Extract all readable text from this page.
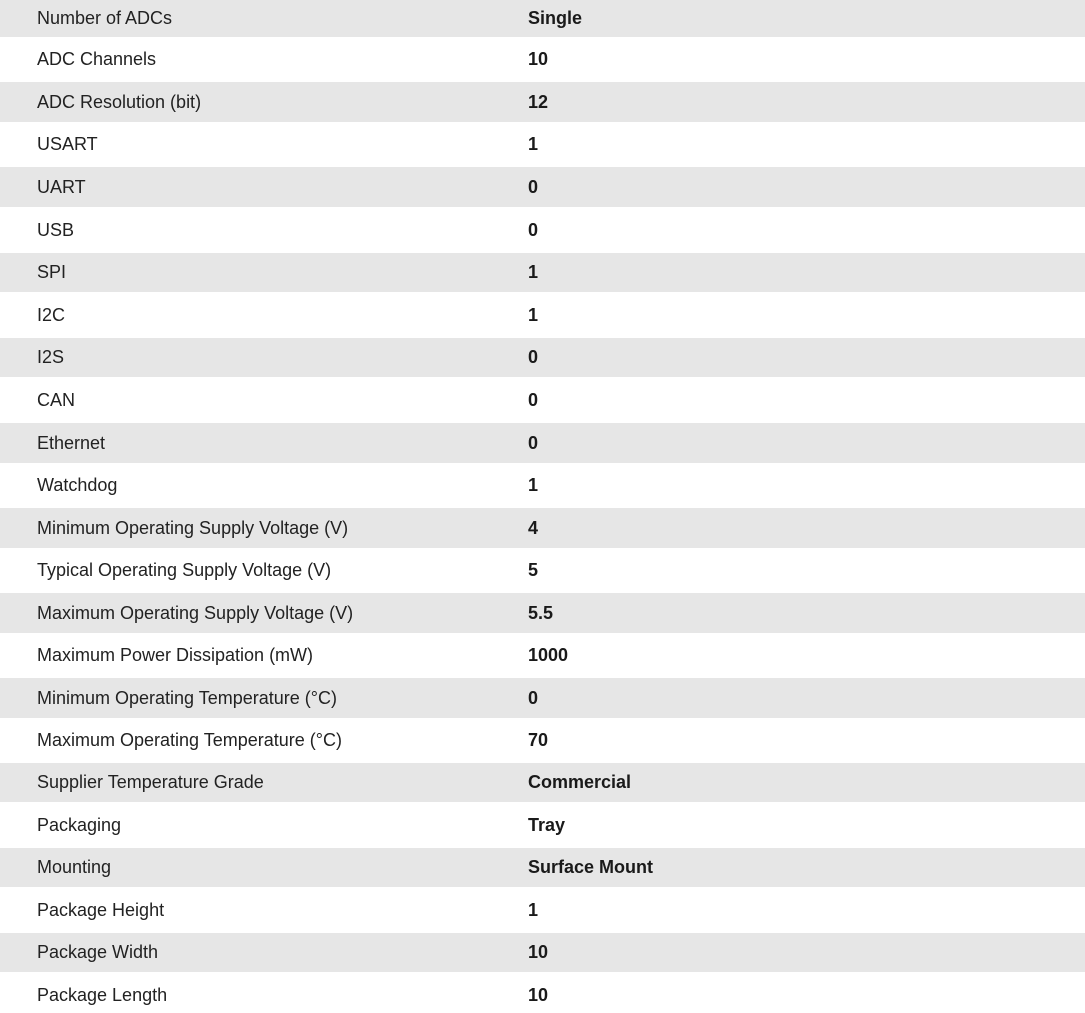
Number of ADCs	Single
ADC Channels	10
ADC Resolution (bit)	12
USART	1
UART	0
USB	0
SPI	1
I2C	1
I2S	0
CAN	0
Ethernet	0
Watchdog	1
Minimum Operating Supply Voltage (V)	4
Typical Operating Supply Voltage (V)	5
Maximum Operating Supply Voltage (V)	5.5
Maximum Power Dissipation (mW)	1000
Minimum Operating Temperature (°C)	0
Maximum Operating Temperature (°C)	70
Supplier Temperature Grade	Commercial
Packaging	Tray
Mounting	Surface Mount
Package Height	1
Package Width	10
Package Length	10
